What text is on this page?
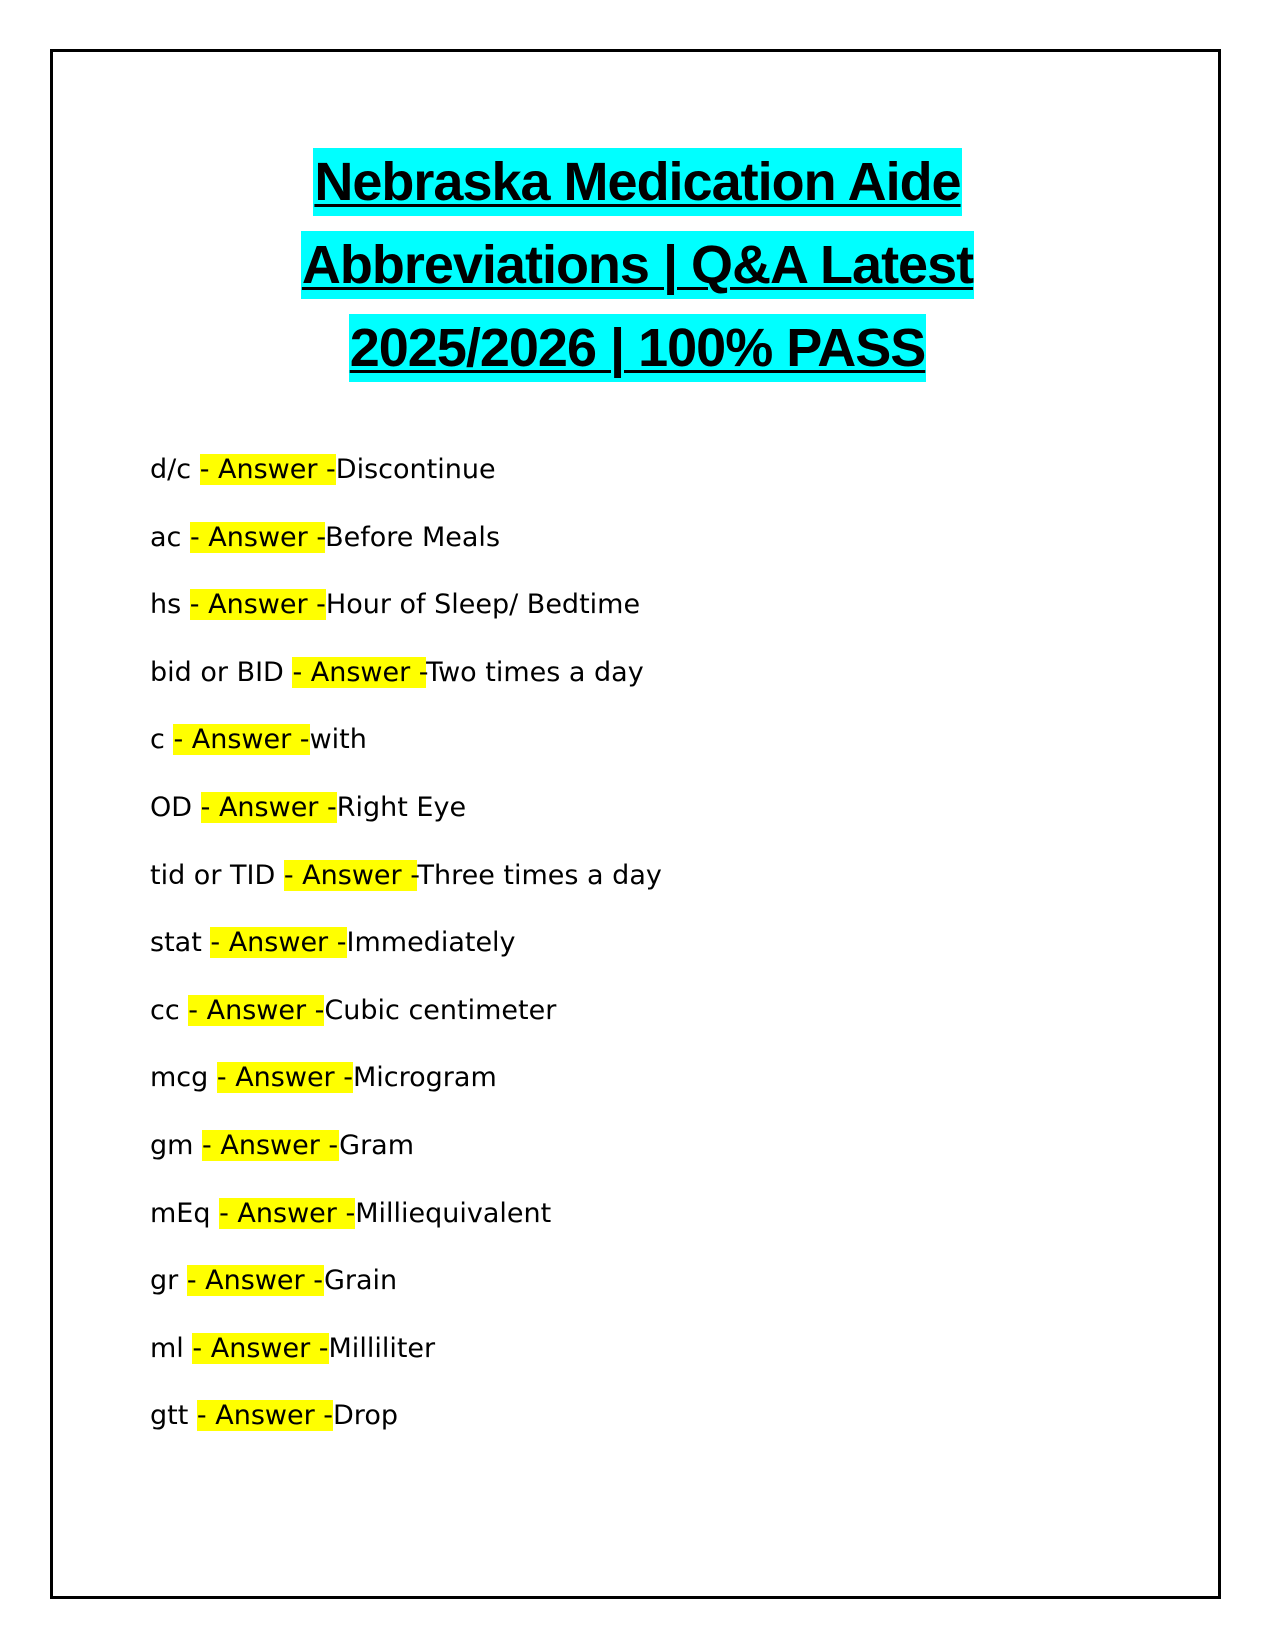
Nebraska Medication Aide
Abbreviations | Q&A Latest
2025/2026 | 100% PASS
d/c - Answer -Discontinue
ac - Answer -Before Meals
hs - Answer -Hour of Sleep/ Bedtime
bid or BID - Answer -Two times a day
c - Answer -with
OD - Answer -Right Eye
tid or TID - Answer -Three times a day
stat - Answer -Immediately
cc - Answer -Cubic centimeter
mcg - Answer -Microgram
gm - Answer -Gram
mEq - Answer -Milliequivalent
gr - Answer -Grain
ml - Answer -Milliliter
gtt - Answer -Drop
